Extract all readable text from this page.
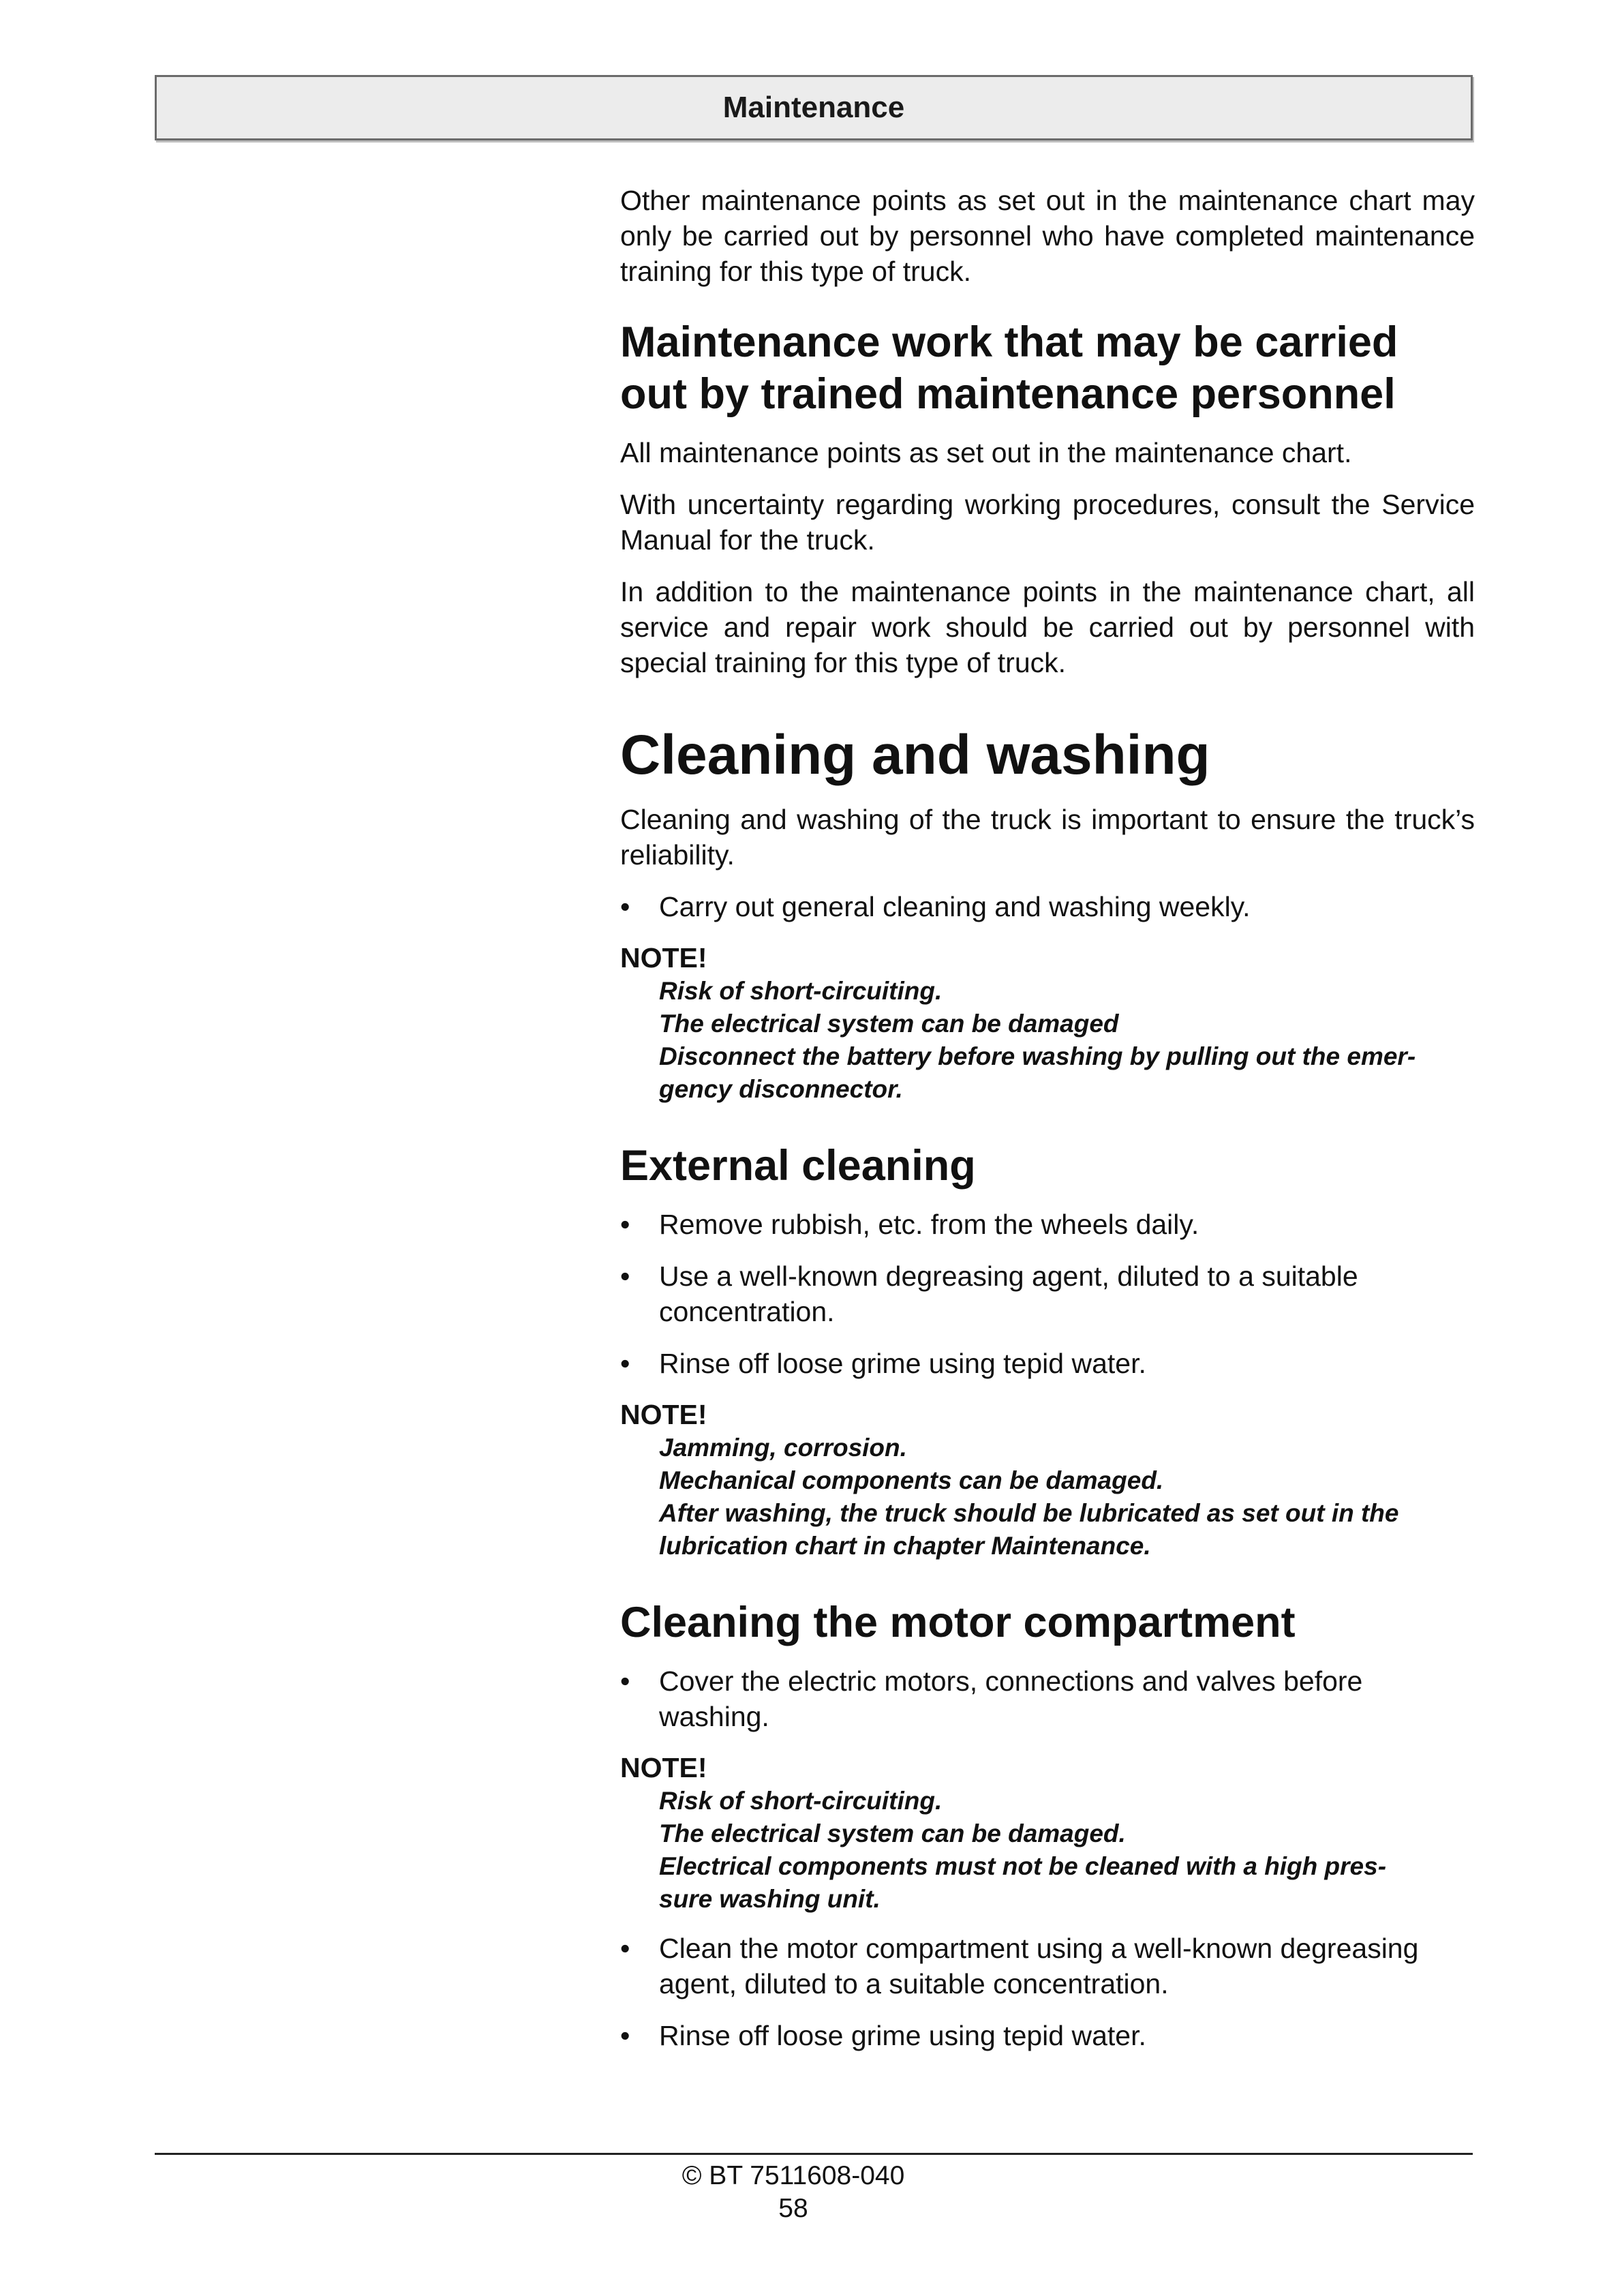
Maintenance

Other maintenance points as set out in the maintenance chart may only be carried out by personnel who have completed maintenance training for this type of truck.

Maintenance work that may be carried
out by trained maintenance personnel

All maintenance points as set out in the maintenance chart.

With uncertainty regarding working procedures, consult the Service Manual for the truck.

In addition to the maintenance points in the maintenance chart, all service and repair work should be carried out by personnel with special training for this type of truck.

Cleaning and washing

Cleaning and washing of the truck is important to ensure the truck’s reliability.

•	Carry out general cleaning and washing weekly.
NOTE!
Risk of short-circuiting.
The electrical system can be damaged
Disconnect the battery before washing by pulling out the emer-
gency disconnector.
External cleaning
•	Remove rubbish, etc. from the wheels daily.
•	Use a well-known degreasing agent, diluted to a suitable concentration.
•	Rinse off loose grime using tepid water.
NOTE!
Jamming, corrosion.
Mechanical components can be damaged.
After washing, the truck should be lubricated as set out in the
lubrication chart in chapter Maintenance.
Cleaning the motor compartment
•	Cover the electric motors, connections and valves before washing.
NOTE!
Risk of short-circuiting.
The electrical system can be damaged.
Electrical components must not be cleaned with a high pres-
sure washing unit.
•	Clean the motor compartment using a well-known degreasing agent, diluted to a suitable concentration.
•	Rinse off loose grime using tepid water.
© BT 7511608-040
58
